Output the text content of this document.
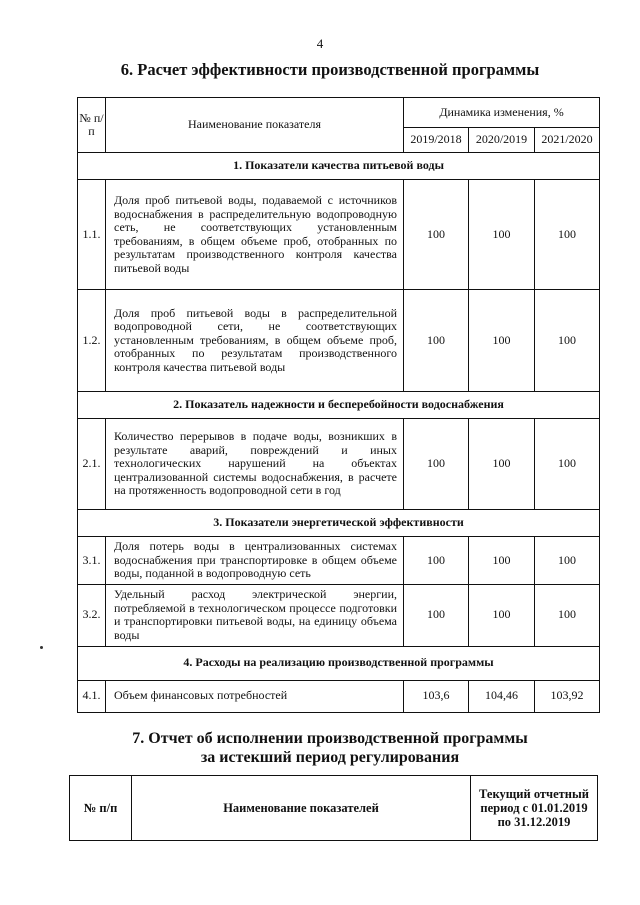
4
6. Расчет эффективности производственной программы
№ п/п	Наименование показателя	Динамика изменения, %		
		2019/2018	2020/2019	2021/2020
1. Показатели качества питьевой воды				
1.1.	Доля проб питьевой воды, подаваемой с источников водоснабжения в распределительную водопроводную сеть, не соответствующих установленным требованиям, в общем объеме проб, отобранных по результатам производственного контроля качества питьевой воды	100	100	100
1.2.	Доля проб питьевой воды в распределительной водопроводной сети, не соответствующих установленным требованиям, в общем объеме проб, отобранных по результатам производственного контроля качества питьевой воды	100	100	100
2. Показатель надежности и бесперебойности водоснабжения				
2.1.	Количество перерывов в подаче воды, возникших в результате аварий, повреждений и иных технологических нарушений на объектах централизованной системы водоснабжения, в расчете на протяженность водопроводной сети в год	100	100	100
3. Показатели энергетической эффективности				
3.1.	Доля потерь воды в централизованных системах водоснабжения при транспортировке в общем объеме воды, поданной в водопроводную сеть	100	100	100
3.2.	Удельный расход электрической энергии, потребляемой в технологическом процессе подготовки и транспортировки питьевой воды, на единицу объема воды	100	100	100
4. Расходы на реализацию производственной программы				
4.1.	Объем финансовых потребностей	103,6	104,46	103,92
7. Отчет об исполнении производственной программы
за истекший период регулирования
№ п/п	Наименование показателей	Текущий отчетный период с 01.01.2019 по 31.12.2019
